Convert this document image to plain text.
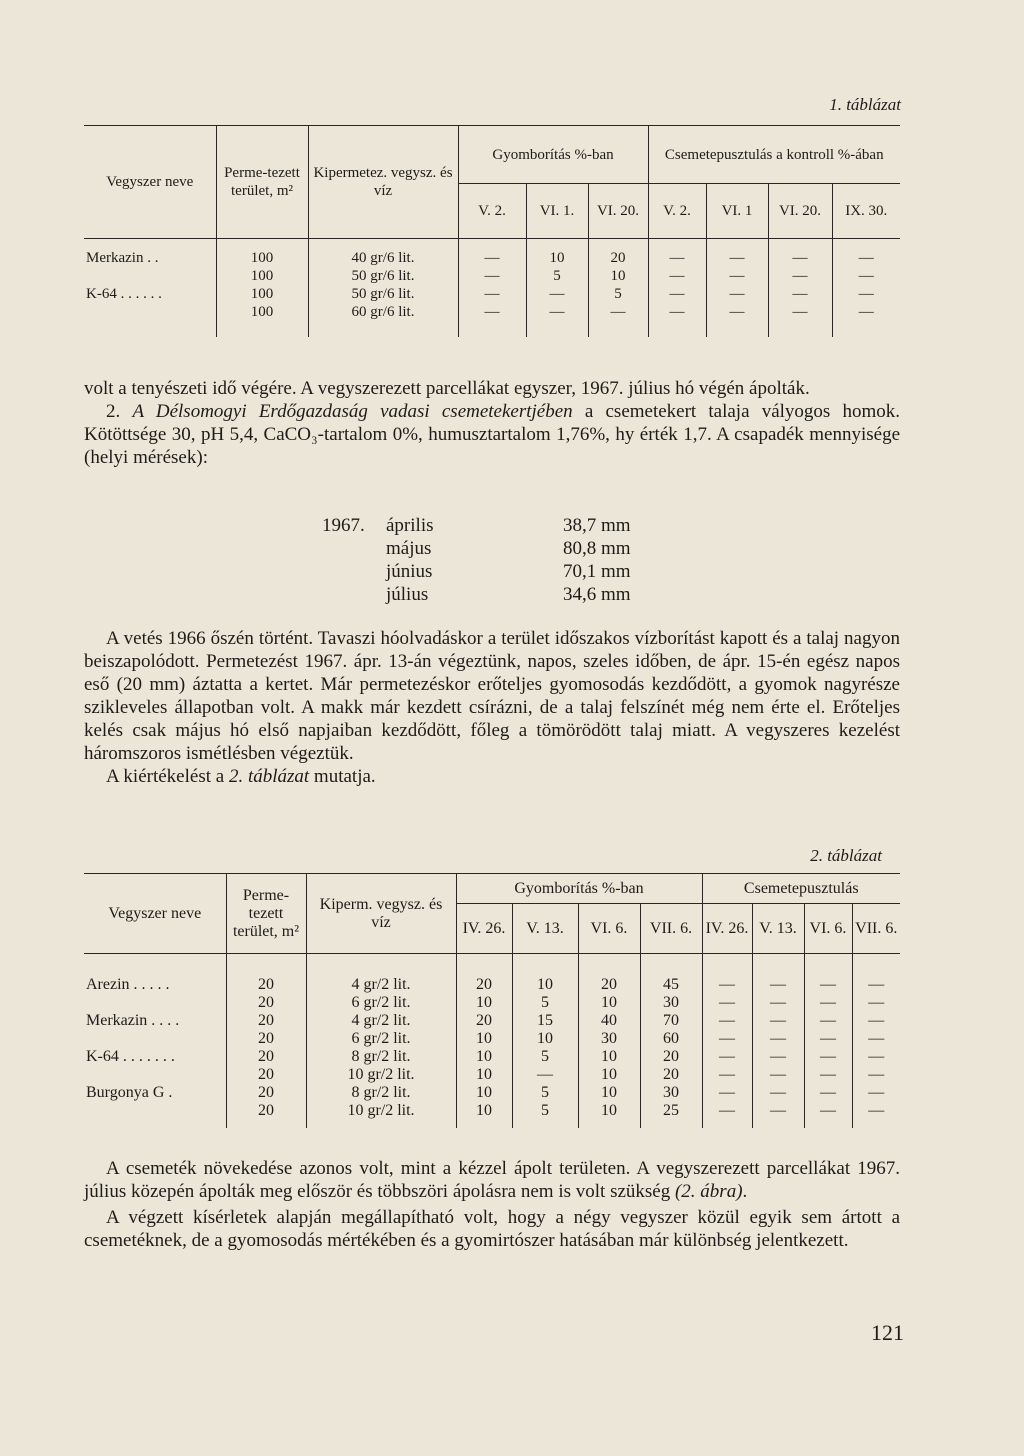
1. táblázat
Vegyszer neve	Perme-tezett terület, m²	Kipermetez. vegysz. és víz	Gyomborítás %-ban			Csemetepusztulás a kontroll %-ában			
			V. 2.	VI. 1.	VI. 20.	V. 2.	VI. 1	VI. 20.	IX. 30.

Merkazin . .	100	40 gr/6 lit.	—	10	20	—	—	—	—
	100	50 gr/6 lit.	—	5	10	—	—	—	—
K-64 . . . . . .	100	50 gr/6 lit.	—	—	5	—	—	—	—
	100	60 gr/6 lit.	—	—	—	—	—	—	—

volt a tenyészeti idő végére. A vegyszerezett parcellákat egyszer, 1967. július hó végén ápolták.

2. A Délsomogyi Erdőgazdaság vadasi csemetekertjében a csemetekert talaja vályogos homok. Kötöttsége 30, pH 5,4, CaCO₃-tartalom 0%, humusztartalom 1,76%, hy érték 1,7. A csapadék mennyisége (helyi mérések):

1967.	április	38,7 mm
	május	80,8 mm
	június	70,1 mm
	július	34,6 mm

A vetés 1966 őszén történt. Tavaszi hóolvadáskor a terület időszakos vízborítást kapott és a talaj nagyon beiszapolódott. Permetezést 1967. ápr. 13-án végeztünk, napos, szeles időben, de ápr. 15-én egész napos eső (20 mm) áztatta a kertet. Már permetezéskor erőteljes gyomosodás kezdődött, a gyomok nagyrésze szikleveles állapotban volt. A makk már kezdett csírázni, de a talaj felszínét még nem érte el. Erőteljes kelés csak május hó első napjaiban kezdődött, főleg a tömörödött talaj miatt. A vegyszeres kezelést háromszoros ismétlésben végeztük.

A kiértékelést a 2. táblázat mutatja.

2. táblázat
Vegyszer neve	Perme-tezett terület, m²	Kiperm. vegysz. és víz	Gyomborítás %-ban				Csemetepusztulás			
			IV. 26.	V. 13.	VI. 6.	VII. 6.	IV. 26.	V. 13.	VI. 6.	VII. 6.

Arezin . . . . .	20	4 gr/2 lit.	20	10	20	45	—	—	—	—
	20	6 gr/2 lit.	10	5	10	30	—	—	—	—
Merkazin . . . .	20	4 gr/2 lit.	20	15	40	70	—	—	—	—
	20	6 gr/2 lit.	10	10	30	60	—	—	—	—
K-64 . . . . . . .	20	8 gr/2 lit.	10	5	10	20	—	—	—	—
	20	10 gr/2 lit.	10	—	10	20	—	—	—	—
Burgonya G .	20	8 gr/2 lit.	10	5	10	30	—	—	—	—
	20	10 gr/2 lit.	10	5	10	25	—	—	—	—

A csemeték növekedése azonos volt, mint a kézzel ápolt területen. A vegyszerezett parcellákat 1967. július közepén ápolták meg először és többszöri ápolásra nem is volt szükség (2. ábra).

A végzett kísérletek alapján megállapítható volt, hogy a négy vegyszer közül egyik sem ártott a csemetéknek, de a gyomosodás mértékében és a gyomirtószer hatásában már különbség jelentkezett.

121
